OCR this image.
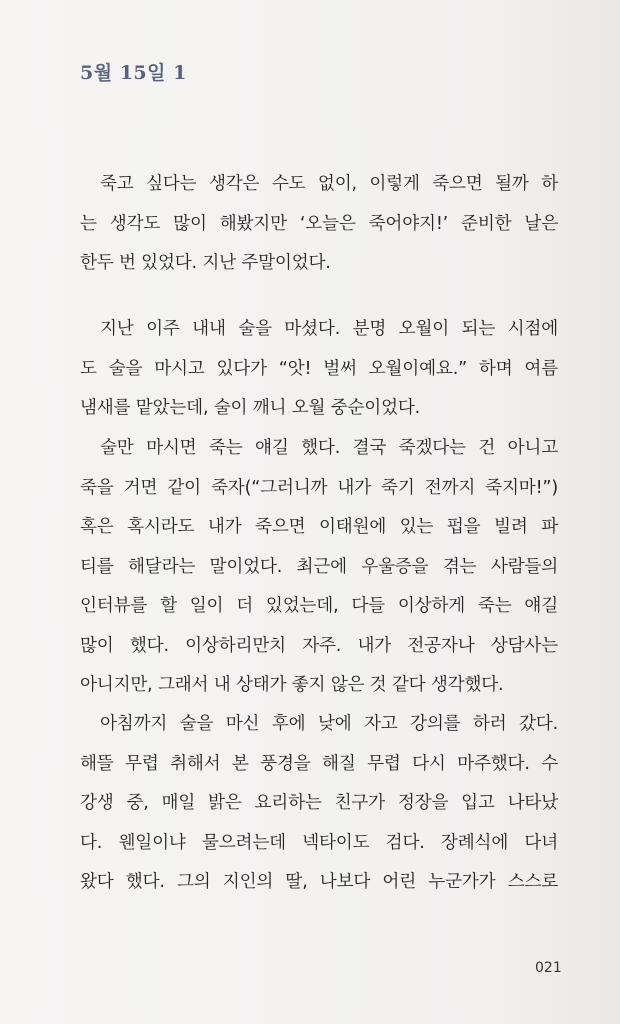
5월 15일 1
죽고 싶다는 생각은 수도 없이, 이렇게 죽으면 될까 하
는 생각도 많이 해봤지만 ‘오늘은 죽어야지!’ 준비한 날은
한두 번 있었다. 지난 주말이었다.
지난 이주 내내 술을 마셨다. 분명 오월이 되는 시점에
도 술을 마시고 있다가 “앗! 벌써 오월이예요.” 하며 여름
냄새를 맡았는데, 술이 깨니 오월 중순이었다.
술만 마시면 죽는 얘길 했다. 결국 죽겠다는 건 아니고
죽을 거면 같이 죽자(“그러니까 내가 죽기 전까지 죽지마!”)
혹은 혹시라도 내가 죽으면 이태원에 있는 펍을 빌려 파
티를 해달라는 말이었다. 최근에 우울증을 겪는 사람들의
인터뷰를 할 일이 더 있었는데, 다들 이상하게 죽는 얘길
많이 했다. 이상하리만치 자주. 내가 전공자나 상담사는
아니지만, 그래서 내 상태가 좋지 않은 것 같다 생각했다.
아침까지 술을 마신 후에 낮에 자고 강의를 하러 갔다.
해뜰 무렵 취해서 본 풍경을 해질 무렵 다시 마주했다. 수
강생 중, 매일 밝은 요리하는 친구가 정장을 입고 나타났
다. 웬일이냐 물으려는데 넥타이도 검다. 장례식에 다녀
왔다 했다. 그의 지인의 딸, 나보다 어린 누군가가 스스로
021
